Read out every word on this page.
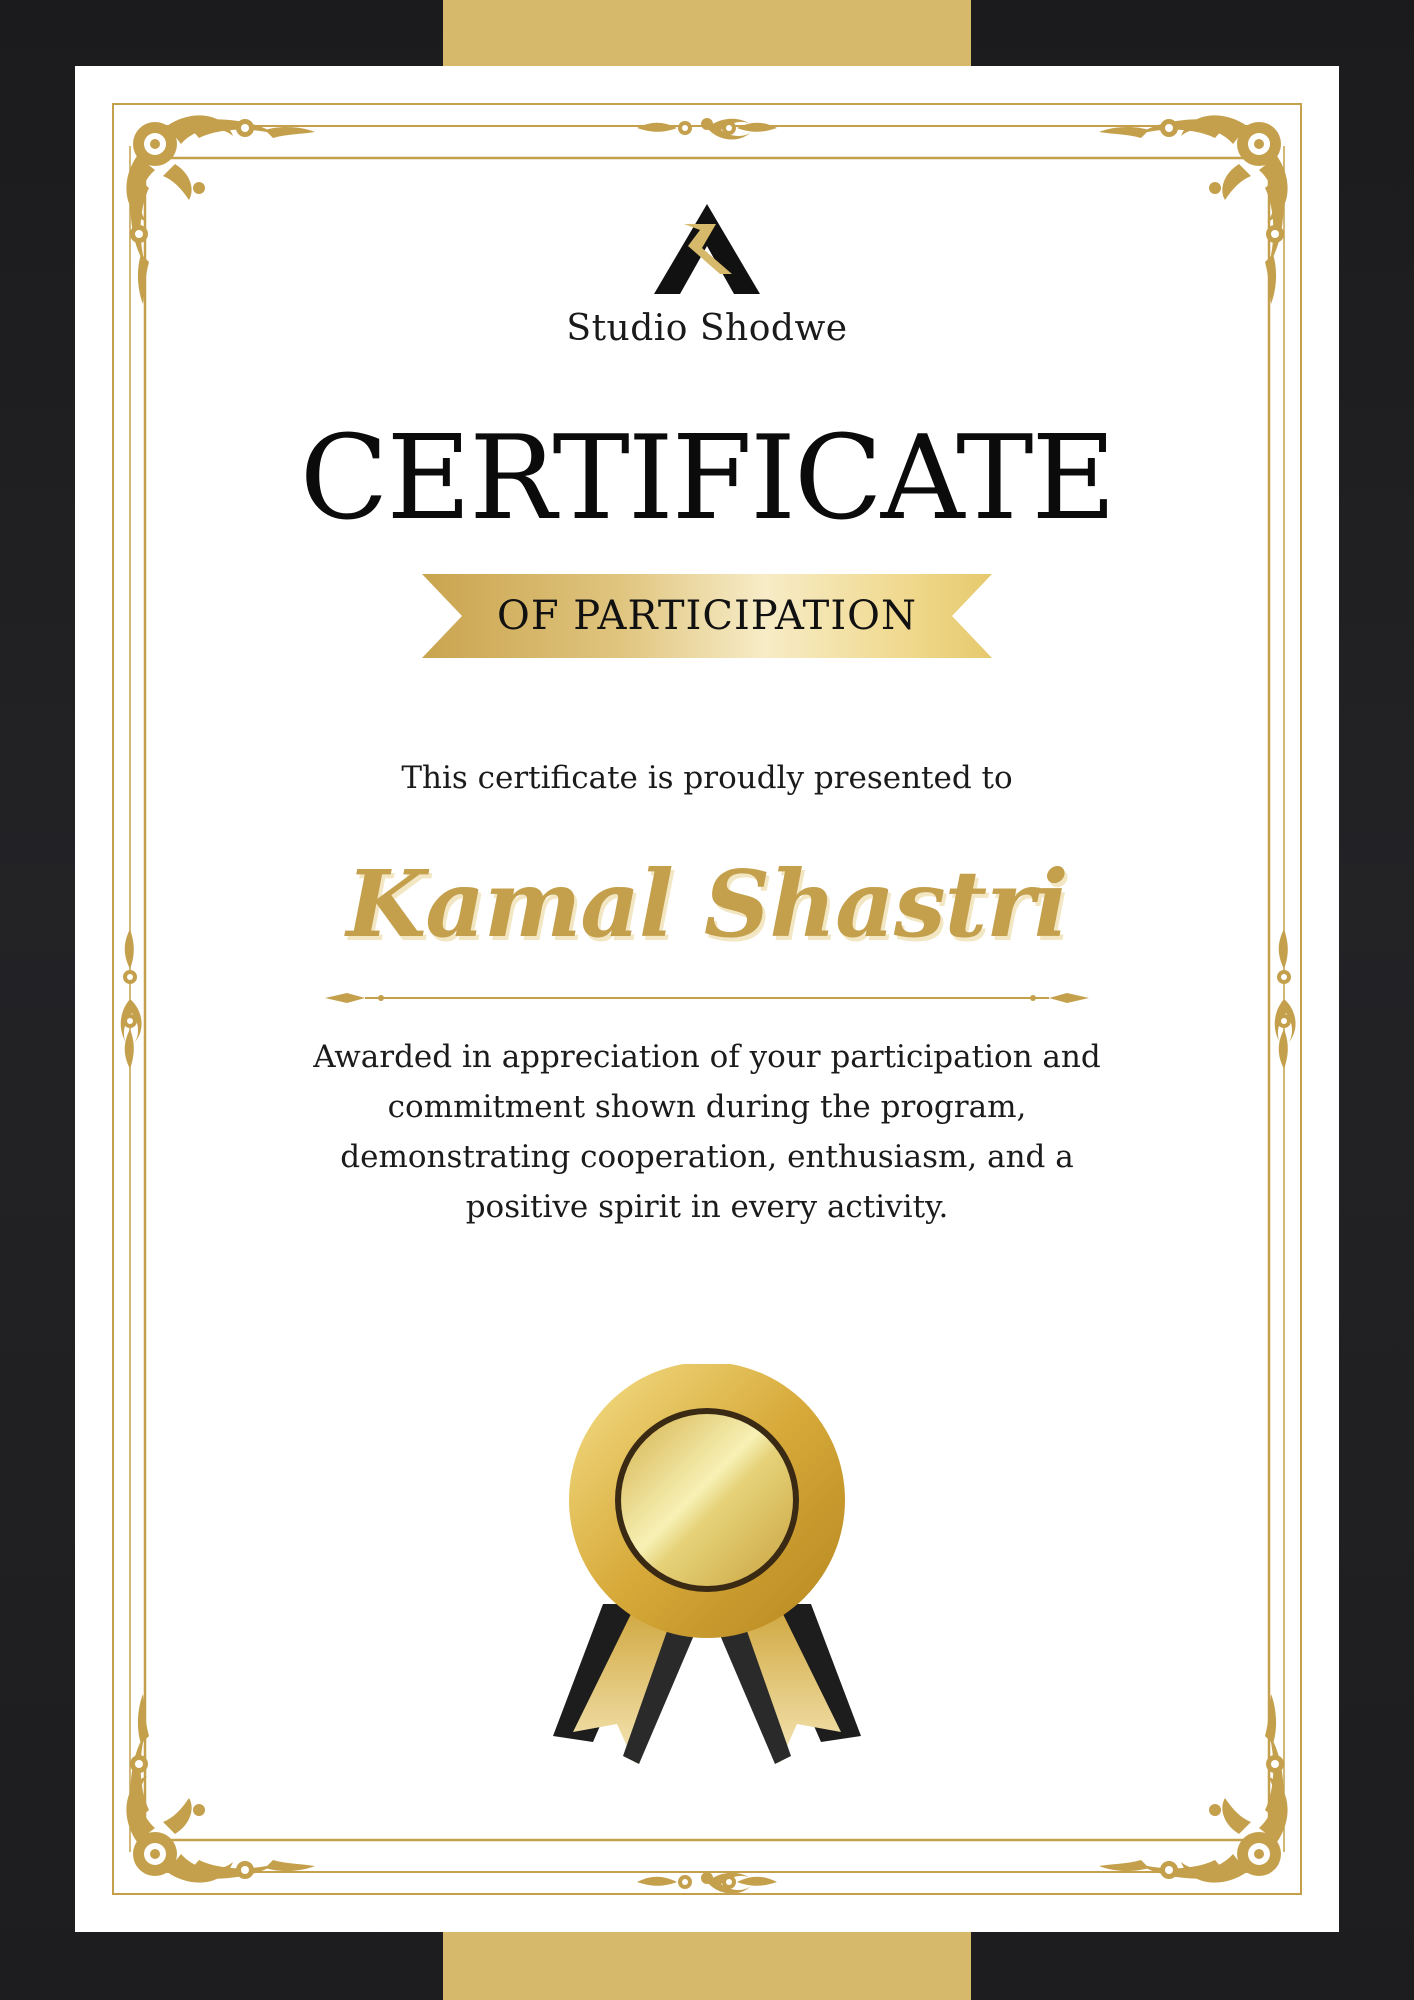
Studio Shodwe
CERTIFICATE
OF PARTICIPATION
This certificate is proudly presented to
Kamal Shastri
Awarded in appreciation of your participation and commitment shown during the program, demonstrating cooperation, enthusiasm, and a positive spirit in every activity.
